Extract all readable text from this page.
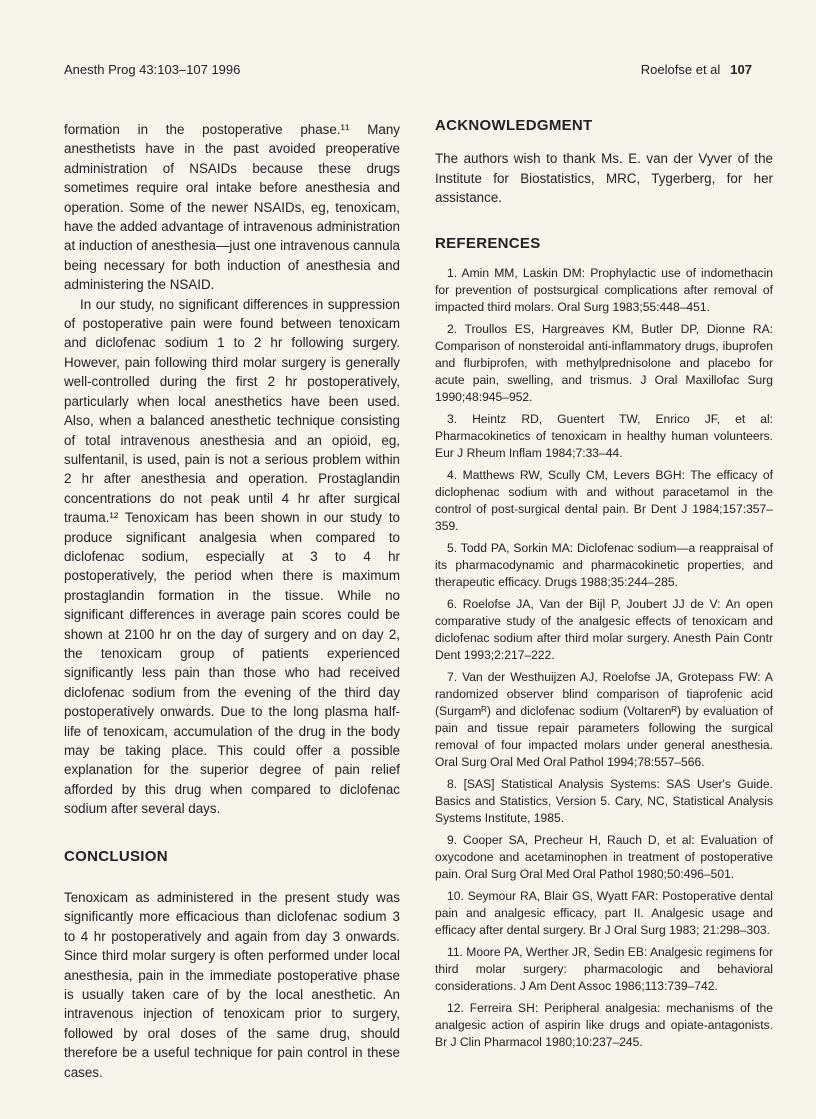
Anesth Prog 43:103–107 1996	Roelofse et al 107

formation in the postoperative phase.¹¹ Many anesthetists have in the past avoided preoperative administration of NSAIDs because these drugs sometimes require oral intake before anesthesia and operation. Some of the newer NSAIDs, eg, tenoxicam, have the added advantage of intravenous administration at induction of anesthesia—just one intravenous cannula being necessary for both induction of anesthesia and administering the NSAID.

In our study, no significant differences in suppression of postoperative pain were found between tenoxicam and diclofenac sodium 1 to 2 hr following surgery. However, pain following third molar surgery is generally well-controlled during the first 2 hr postoperatively, particularly when local anesthetics have been used. Also, when a balanced anesthetic technique consisting of total intravenous anesthesia and an opioid, eg, sulfentanil, is used, pain is not a serious problem within 2 hr after anesthesia and operation. Prostaglandin concentrations do not peak until 4 hr after surgical trauma.¹² Tenoxicam has been shown in our study to produce significant analgesia when compared to diclofenac sodium, especially at 3 to 4 hr postoperatively, the period when there is maximum prostaglandin formation in the tissue. While no significant differences in average pain scores could be shown at 2100 hr on the day of surgery and on day 2, the tenoxicam group of patients experienced significantly less pain than those who had received diclofenac sodium from the evening of the third day postoperatively onwards. Due to the long plasma half-life of tenoxicam, accumulation of the drug in the body may be taking place. This could offer a possible explanation for the superior degree of pain relief afforded by this drug when compared to diclofenac sodium after several days.

CONCLUSION

Tenoxicam as administered in the present study was significantly more efficacious than diclofenac sodium 3 to 4 hr postoperatively and again from day 3 onwards. Since third molar surgery is often performed under local anesthesia, pain in the immediate postoperative phase is usually taken care of by the local anesthetic. An intravenous injection of tenoxicam prior to surgery, followed by oral doses of the same drug, should therefore be a useful technique for pain control in these cases.

ACKNOWLEDGMENT

The authors wish to thank Ms. E. van der Vyver of the Institute for Biostatistics, MRC, Tygerberg, for her assistance.

REFERENCES
1. Amin MM, Laskin DM: Prophylactic use of indomethacin for prevention of postsurgical complications after removal of impacted third molars. Oral Surg 1983;55:448–451.
2. Troullos ES, Hargreaves KM, Butler DP, Dionne RA: Comparison of nonsteroidal anti-inflammatory drugs, ibuprofen and flurbiprofen, with methylprednisolone and placebo for acute pain, swelling, and trismus. J Oral Maxillofac Surg 1990;48:945–952.
3. Heintz RD, Guentert TW, Enrico JF, et al: Pharmacokinetics of tenoxicam in healthy human volunteers. Eur J Rheum Inflam 1984;7:33–44.
4. Matthews RW, Scully CM, Levers BGH: The efficacy of diclophenac sodium with and without paracetamol in the control of post-surgical dental pain. Br Dent J 1984;157:357–359.
5. Todd PA, Sorkin MA: Diclofenac sodium—a reappraisal of its pharmacodynamic and pharmacokinetic properties, and therapeutic efficacy. Drugs 1988;35:244–285.
6. Roelofse JA, Van der Bijl P, Joubert JJ de V: An open comparative study of the analgesic effects of tenoxicam and diclofenac sodium after third molar surgery. Anesth Pain Contr Dent 1993;2:217–222.
7. Van der Westhuijzen AJ, Roelofse JA, Grotepass FW: A randomized observer blind comparison of tiaprofenic acid (Surgamᴿ) and diclofenac sodium (Voltarenᴿ) by evaluation of pain and tissue repair parameters following the surgical removal of four impacted molars under general anesthesia. Oral Surg Oral Med Oral Pathol 1994;78:557–566.
8. [SAS] Statistical Analysis Systems: SAS User's Guide. Basics and Statistics, Version 5. Cary, NC, Statistical Analysis Systems Institute, 1985.
9. Cooper SA, Precheur H, Rauch D, et al: Evaluation of oxycodone and acetaminophen in treatment of postoperative pain. Oral Surg Oral Med Oral Pathol 1980;50:496–501.
10. Seymour RA, Blair GS, Wyatt FAR: Postoperative dental pain and analgesic efficacy, part II. Analgesic usage and efficacy after dental surgery. Br J Oral Surg 1983; 21:298–303.
11. Moore PA, Werther JR, Sedin EB: Analgesic regimens for third molar surgery: pharmacologic and behavioral considerations. J Am Dent Assoc 1986;113:739–742.
12. Ferreira SH: Peripheral analgesia: mechanisms of the analgesic action of aspirin like drugs and opiate-antagonists. Br J Clin Pharmacol 1980;10:237–245.
